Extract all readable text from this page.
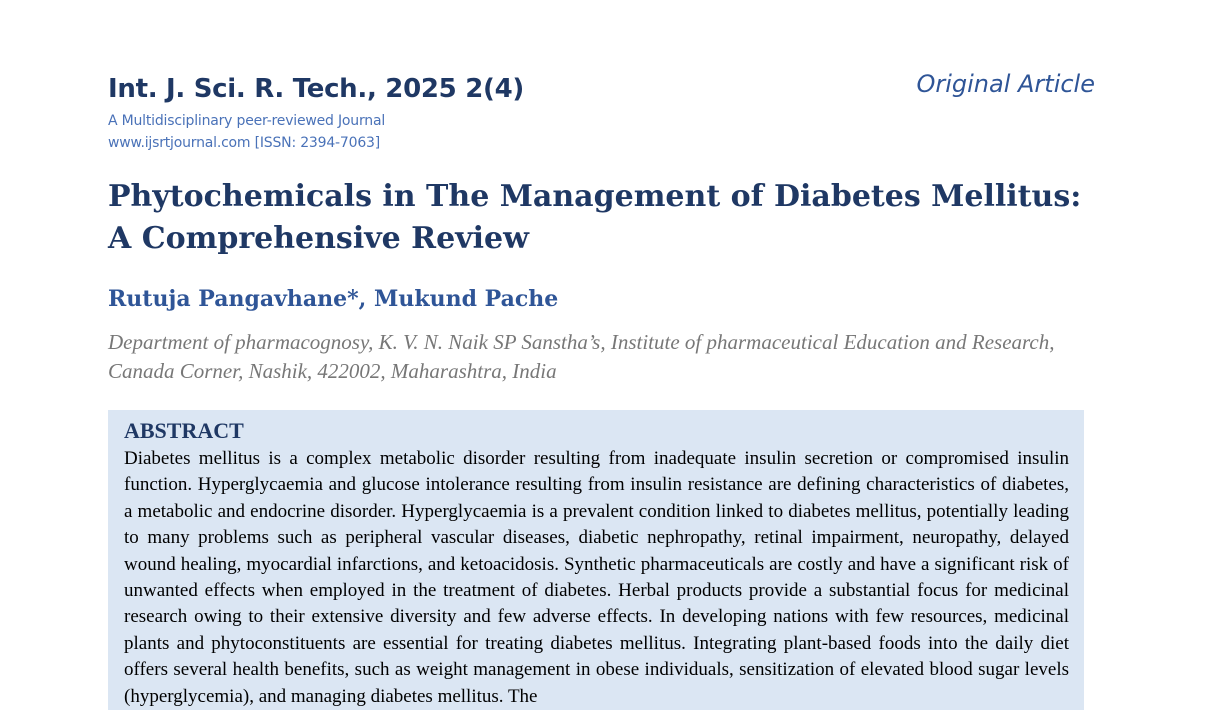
Int. J. Sci. R. Tech., 2025 2(4)
A Multidisciplinary peer-reviewed Journal
www.ijsrtjournal.com [ISSN: 2394-7063]
Original Article
Phytochemicals in The Management of Diabetes Mellitus: A Comprehensive Review
Rutuja Pangavhane*, Mukund Pache
Department of pharmacognosy, K. V. N. Naik SP Sanstha’s, Institute of pharmaceutical Education and Research, Canada Corner, Nashik, 422002, Maharashtra, India
ABSTRACT

Diabetes mellitus is a complex metabolic disorder resulting from inadequate insulin secretion or compromised insulin function. Hyperglycaemia and glucose intolerance resulting from insulin resistance are defining characteristics of diabetes, a metabolic and endocrine disorder. Hyperglycaemia is a prevalent condition linked to diabetes mellitus, potentially leading to many problems such as peripheral vascular diseases, diabetic nephropathy, retinal impairment, neuropathy, delayed wound healing, myocardial infarctions, and ketoacidosis. Synthetic pharmaceuticals are costly and have a significant risk of unwanted effects when employed in the treatment of diabetes. Herbal products provide a substantial focus for medicinal research owing to their extensive diversity and few adverse effects. In developing nations with few resources, medicinal plants and phytoconstituents are essential for treating diabetes mellitus. Integrating plant-based foods into the daily diet offers several health benefits, such as weight management in obese individuals, sensitization of elevated blood sugar levels (hyperglycemia), and managing diabetes mellitus. The
